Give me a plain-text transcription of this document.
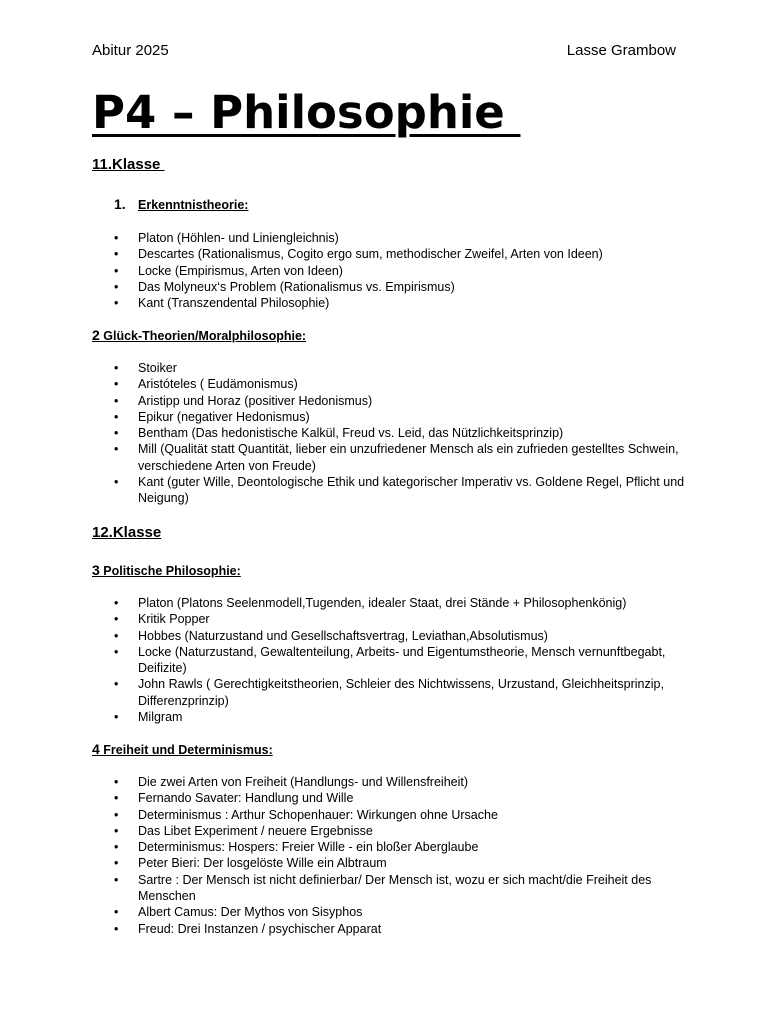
Abitur 2025	Lasse Grambow
P4 – Philosophie
11.Klasse
1. Erkenntnistheorie:
• Platon (Höhlen- und Liniengleichnis)
• Descartes (Rationalismus, Cogito ergo sum, methodischer Zweifel, Arten von Ideen)
• Locke (Empirismus, Arten von Ideen)
• Das Molyneux‘s Problem (Rationalismus vs. Empirismus)
• Kant (Transzendental Philosophie)
2 Glück-Theorien/Moralphilosophie:
• Stoiker
• Aristóteles ( Eudämonismus)
• Aristipp und Horaz (positiver Hedonismus)
• Epikur (negativer Hedonismus)
• Bentham (Das hedonistische Kalkül, Freud vs. Leid, das Nützlichkeitsprinzip)
• Mill (Qualität statt Quantität, lieber ein unzufriedener Mensch als ein zufrieden gestelltes Schwein, verschiedene Arten von Freude)
• Kant (guter Wille, Deontologische Ethik und kategorischer Imperativ vs. Goldene Regel, Pflicht und Neigung)
12.Klasse
3 Politische Philosophie:
• Platon (Platons Seelenmodell,Tugenden, idealer Staat, drei Stände + Philosophenkönig)
• Kritik Popper
• Hobbes (Naturzustand und Gesellschaftsvertrag, Leviathan,Absolutismus)
• Locke (Naturzustand, Gewaltenteilung, Arbeits- und Eigentumstheorie, Mensch vernunftbegabt, Deifizite)
• John Rawls ( Gerechtigkeitstheorien, Schleier des Nichtwissens, Urzustand, Gleichheitsprinzip, Differenzprinzip)
• Milgram
4 Freiheit und Determinismus:
• Die zwei Arten von Freiheit (Handlungs- und Willensfreiheit)
• Fernando Savater: Handlung und Wille
• Determinismus : Arthur Schopenhauer: Wirkungen ohne Ursache
• Das Libet Experiment / neuere Ergebnisse
• Determinismus: Hospers: Freier Wille - ein bloßer Aberglaube
• Peter Bieri: Der losgelöste Wille ein Albtraum
• Sartre : Der Mensch ist nicht definierbar/ Der Mensch ist, wozu er sich macht/die Freiheit des Menschen
• Albert Camus: Der Mythos von Sisyphos
• Freud: Drei Instanzen / psychischer Apparat
